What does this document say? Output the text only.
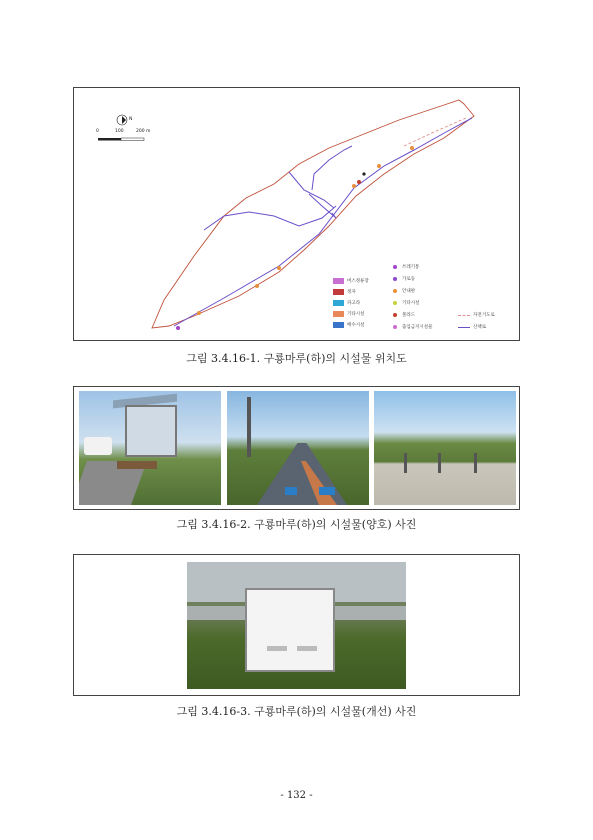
N
0	100	200 m
버스정류장
정자
파고라
기타시설
배수시설
쓰레기통
가로등
안내판
기타시설
볼라드
출입금지시설물
자전거도로
산책로
그림 3.4.16-1. 구룡마루(하)의 시설물 위치도
그림 3.4.16-2. 구룡마루(하)의 시설물(양호) 사진
그림 3.4.16-3. 구룡마루(하)의 시설물(개선) 사진
- 132 -
